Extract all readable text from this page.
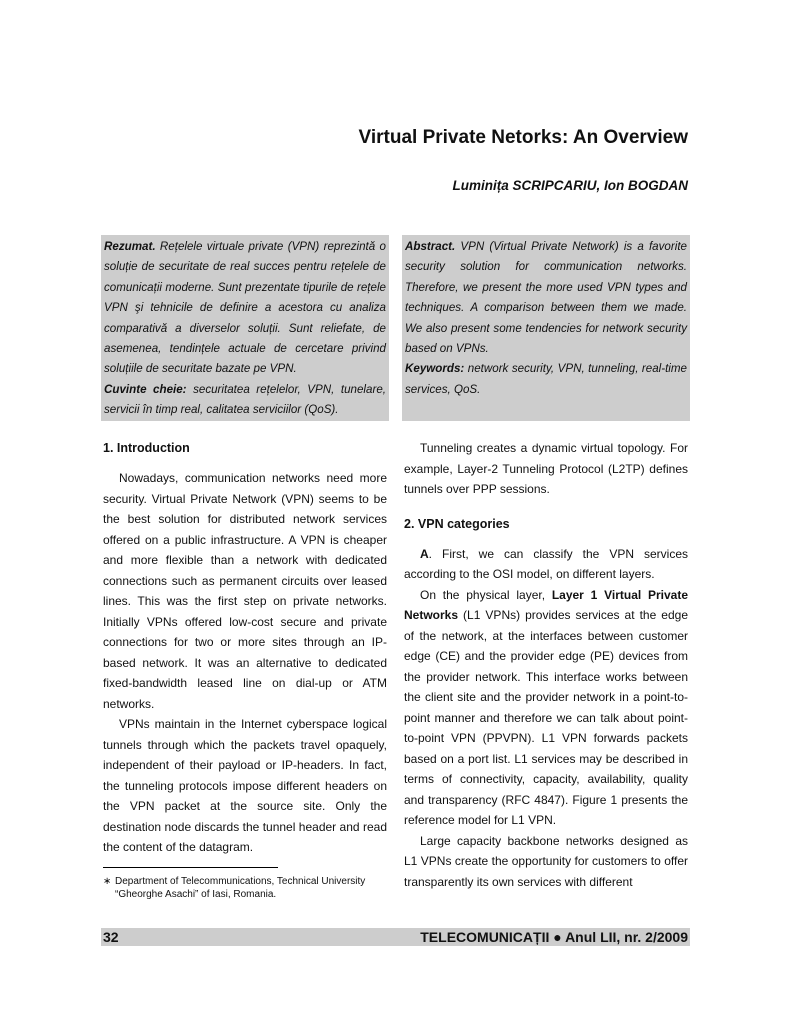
Virtual Private Netorks: An Overview
Luminița SCRIPCARIU, Ion BOGDAN
Rezumat. Rețelele virtuale private (VPN) reprezintă o soluție de securitate de real succes pentru rețelele de comunicații moderne. Sunt prezentate tipurile de rețele VPN şi tehnicile de definire a acestora cu analiza comparativă a diverselor soluții. Sunt reliefate, de asemenea, tendințele actuale de cercetare privind soluțiile de securitate bazate pe VPN.
Cuvinte cheie: securitatea rețelelor, VPN, tunelare, servicii în timp real, calitatea serviciilor (QoS).
Abstract. VPN (Virtual Private Network) is a favorite security solution for communication networks. Therefore, we present the more used VPN types and techniques. A comparison between them we made. We also present some tendencies for network security based on VPNs.
Keywords: network security, VPN, tunneling, real-time services, QoS.
1. Introduction

Nowadays, communication networks need more security. Virtual Private Network (VPN) seems to be the best solution for distributed network services offered on a public infrastructure. A VPN is cheaper and more flexible than a network with dedicated connections such as permanent circuits over leased lines. This was the first step on private networks. Initially VPNs offered low-cost secure and private connections for two or more sites through an IP-based network. It was an alternative to dedicated fixed-bandwidth leased line on dial-up or ATM networks.

VPNs maintain in the Internet cyberspace logical tunnels through which the packets travel opaquely, independent of their payload or IP-headers. In fact, the tunneling protocols impose different headers on the VPN packet at the source site. Only the destination node discards the tunnel header and read the content of the datagram.

Tunneling creates a dynamic virtual topology. For example, Layer-2 Tunneling Protocol (L2TP) defines tunnels over PPP sessions.

2. VPN categories

A. First, we can classify the VPN services according to the OSI model, on different layers.

On the physical layer, Layer 1 Virtual Private Networks (L1 VPNs) provides services at the edge of the network, at the interfaces between customer edge (CE) and the provider edge (PE) devices from the provider network. This interface works between the client site and the provider network in a point-to-point manner and therefore we can talk about point-to-point VPN (PPVPN). L1 VPN forwards packets based on a port list. L1 services may be described in terms of connectivity, capacity, availability, quality and transparency (RFC 4847). Figure 1 presents the reference model for L1 VPN.

Large capacity backbone networks designed as L1 VPNs create the opportunity for customers to offer transparently its own services with different

∗ Department of Telecommunications, Technical University
“Gheorghe Asachi” of Iasi, Romania.
32	TELECOMUNICAȚII ● Anul LII, nr. 2/2009
